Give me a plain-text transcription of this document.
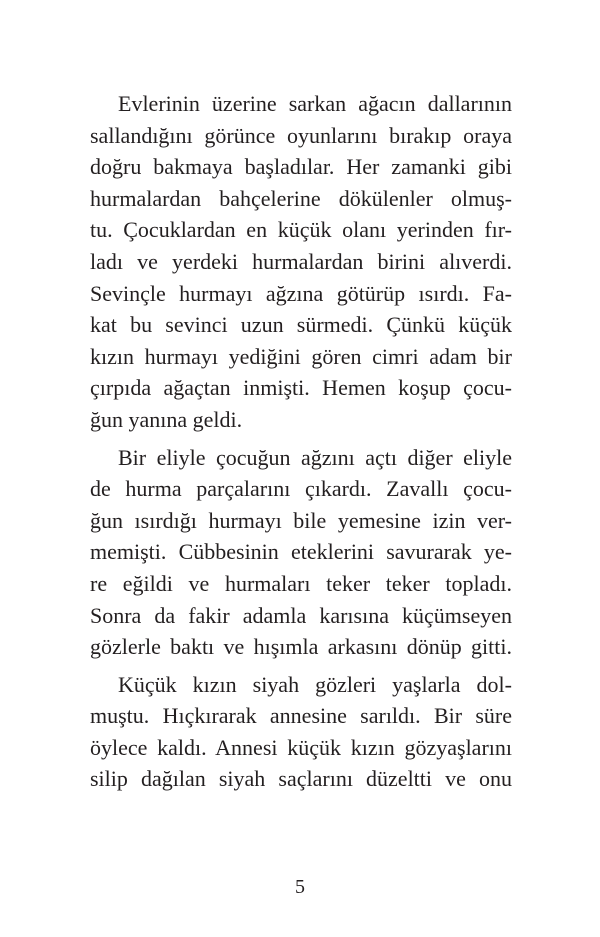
Evlerinin üzerine sarkan ağacın dallarının
sallandığını görünce oyunlarını bırakıp oraya
doğru bakmaya başladılar. Her zamanki gibi
hurmalardan bahçelerine dökülenler olmuş-
tu. Çocuklardan en küçük olanı yerinden fır-
ladı ve yerdeki hurmalardan birini alıverdi.
Sevinçle hurmayı ağzına götürüp ısırdı. Fa-
kat bu sevinci uzun sürmedi. Çünkü küçük
kızın hurmayı yediğini gören cimri adam bir
çırpıda ağaçtan inmişti. Hemen koşup çocu-
ğun yanına geldi.

Bir eliyle çocuğun ağzını açtı diğer eliyle
de hurma parçalarını çıkardı. Zavallı çocu-
ğun ısırdığı hurmayı bile yemesine izin ver-
memişti. Cübbesinin eteklerini savurarak ye-
re eğildi ve hurmaları teker teker topladı.
Sonra da fakir adamla karısına küçümseyen
gözlerle baktı ve hışımla arkasını dönüp gitti.

Küçük kızın siyah gözleri yaşlarla dol-
muştu. Hıçkırarak annesine sarıldı. Bir süre
öylece kaldı. Annesi küçük kızın gözyaşlarını
silip dağılan siyah saçlarını düzeltti ve onu

5
